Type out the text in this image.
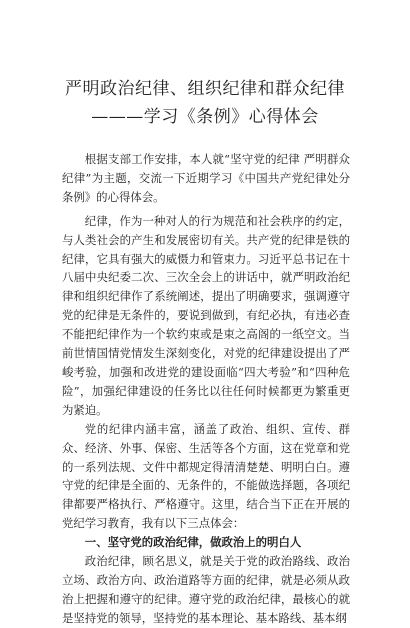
严明政治纪律、组织纪律和群众纪律
———学习《条例》心得体会

根据支部工作安排，本人就“坚守党的纪律 严明群众纪律”为主题，交流一下近期学习《中国共产党纪律处分条例》的心得体会。

纪律，作为一种对人的行为规范和社会秩序的约定，与人类社会的产生和发展密切有关。共产党的纪律是铁的纪律，它具有强大的威慑力和管束力。习近平总书记在十八届中央纪委二次、三次全会上的讲话中，就严明政治纪律和组织纪律作了系统阐述，提出了明确要求，强调遵守党的纪律是无条件的，要说到做到，有纪必执，有违必查不能把纪律作为一个软约束或是束之高阁的一纸空文。当前世情国情党情发生深刻变化，对党的纪律建设提出了严峻考验，加强和改进党的建设面临“四大考验”和“四种危险”，加强纪律建设的任务比以往任何时候都更为繁重更为紧迫。

党的纪律内涵丰富，涵盖了政治、组织、宣传、群众、经济、外事、保密、生活等各个方面，这在党章和党的一系列法规、文件中都规定得清清楚楚、明明白白。遵守党的纪律是全面的、无条件的，不能做选择题，各项纪律都要严格执行、严格遵守。这里，结合当下正在开展的党纪学习教育，我有以下三点体会：

一、坚守党的政治纪律，做政治上的明白人

政治纪律，顾名思义，就是关于党的政治路线、政治立场、政治方向、政治道路等方面的纪律，就是必须从政治上把握和遵守的纪律。遵守党的政治纪律，最核心的就是坚持党的领导，坚持党的基本理论、基本路线、基本纲
